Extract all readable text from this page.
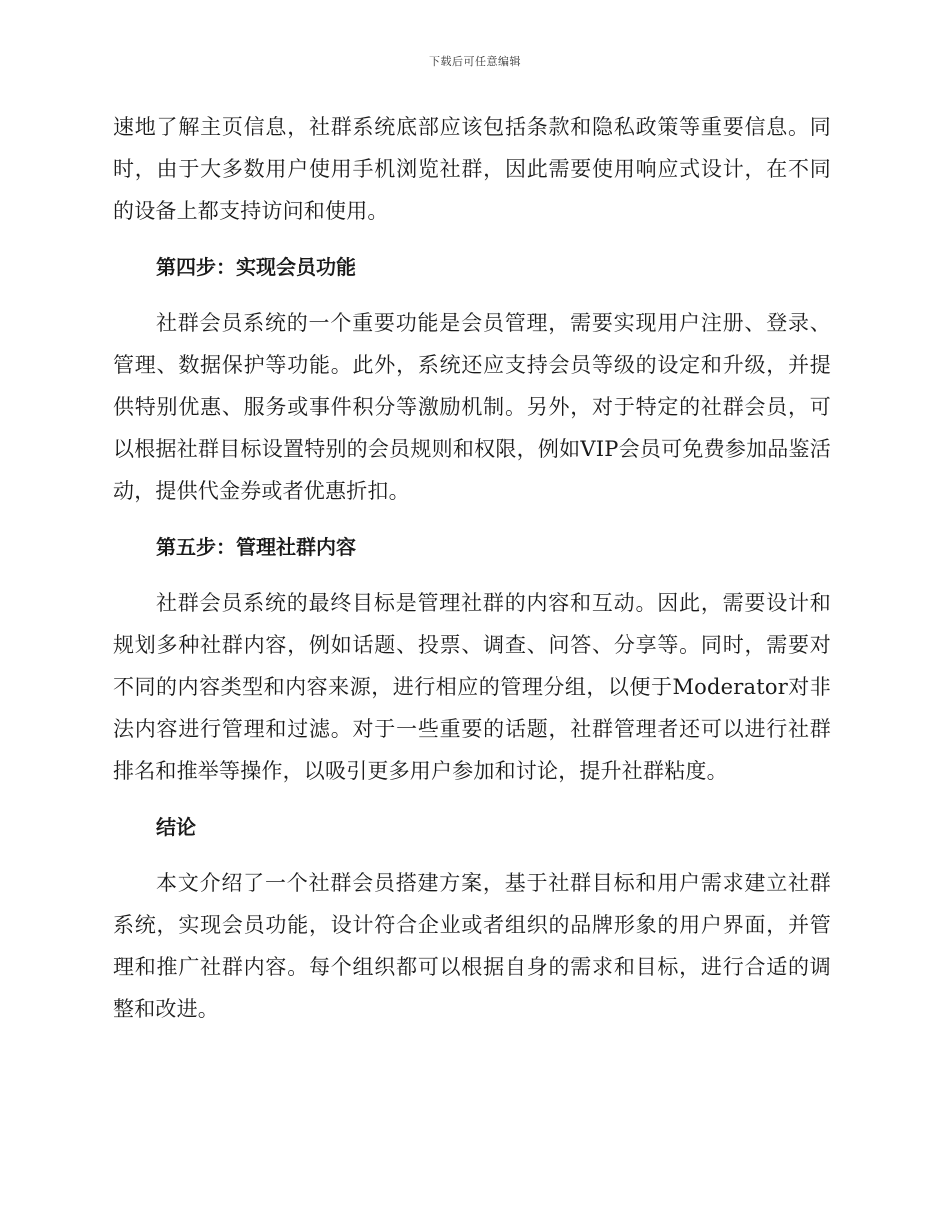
下载后可任意编辑

速地了解主页信息，社群系统底部应该包括条款和隐私政策等重要信息。同时，由于大多数用户使用手机浏览社群，因此需要使用响应式设计，在不同的设备上都支持访问和使用。

第四步：实现会员功能

社群会员系统的一个重要功能是会员管理，需要实现用户注册、登录、管理、数据保护等功能。此外，系统还应支持会员等级的设定和升级，并提供特别优惠、服务或事件积分等激励机制。另外，对于特定的社群会员，可以根据社群目标设置特别的会员规则和权限，例如VIP会员可免费参加品鉴活动，提供代金券或者优惠折扣。

第五步：管理社群内容

社群会员系统的最终目标是管理社群的内容和互动。因此，需要设计和规划多种社群内容，例如话题、投票、调查、问答、分享等。同时，需要对不同的内容类型和内容来源，进行相应的管理分组，以便于Moderator对非法内容进行管理和过滤。对于一些重要的话题，社群管理者还可以进行社群排名和推举等操作，以吸引更多用户参加和讨论，提升社群粘度。

结论

本文介绍了一个社群会员搭建方案，基于社群目标和用户需求建立社群系统，实现会员功能，设计符合企业或者组织的品牌形象的用户界面，并管理和推广社群内容。每个组织都可以根据自身的需求和目标，进行合适的调整和改进。
